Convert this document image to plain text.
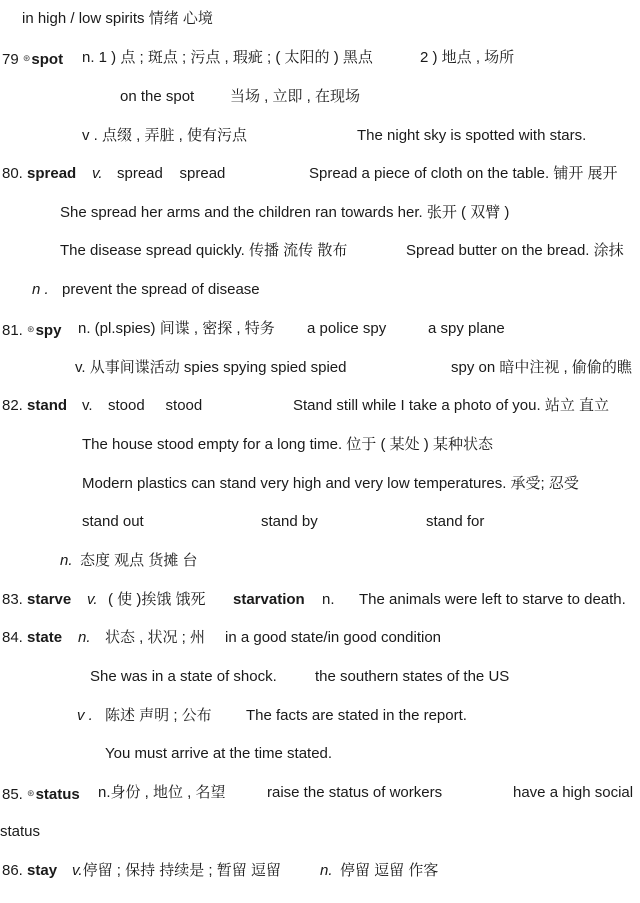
in high / low spirits 情绪 心境
79 ⊛spot n. 1 ) 点 ; 斑点 ; 污点 , 瑕疵 ; ( 太阳的 ) 黑点	2 ) 地点 , 场所
on the spot 当场 , 立即 , 在现场
v . 点缀 , 弄脏 , 使有污点	The night sky is spotted with stars.
80. spread v. spread    spread	Spread a piece of cloth on the table. 铺开 展开
She spread her arms and the children ran towards her. 张开 ( 双臂 )
The disease spread quickly. 传播 流传 散布	Spread butter on the bread. 涂抹
n . prevent the spread of disease
81. ⊛spy n. (pl.spies) 间谍 , 密探 , 特务 a police spy	a spy plane
v. 从事间谍活动 spies spying spied spied	spy on 暗中注视 , 偷偷的瞧
82. stand v. stood     stood	Stand still while I take a photo of you. 站立 直立
The house stood empty for a long time. 位于 ( 某处 ) 某种状态
Modern plastics can stand very high and very low temperatures. 承受; 忍受
stand out	stand by	stand for
n. 态度 观点 货摊 台
83. starve v. ( 使 )挨饿 饿死 starvation n. The animals were left to starve to death.
84. state n. 状态 , 状况 ; 州 in a good state/in good condition
She was in a state of shock.	the southern states of the US
v . 陈述 声明 ; 公布 The facts are stated in the report.
You must arrive at the time stated.
85. ⊛status n.身份 , 地位 , 名望	raise the status of workers	have a high social
status
86. stay v.停留 ; 保持 持续是 ; 暂留 逗留	n. 停留 逗留 作客
